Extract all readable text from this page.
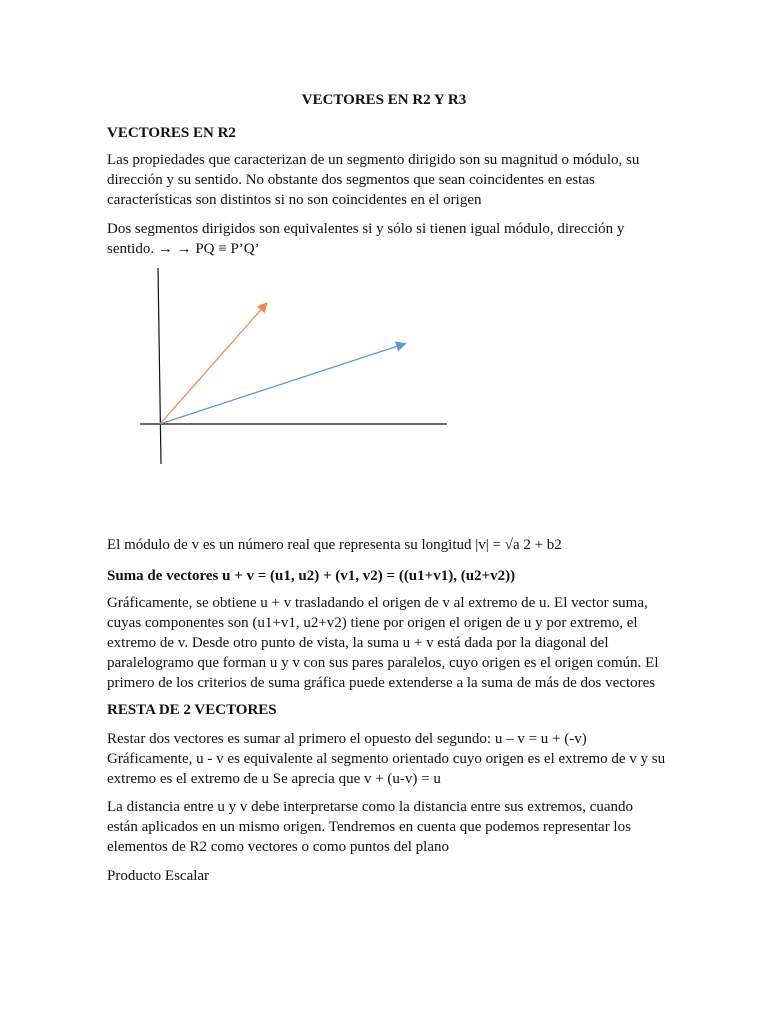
VECTORES EN R2 Y R3

VECTORES EN R2

Las propiedades que caracterizan de un segmento dirigido son su magnitud o módulo, su dirección y su sentido. No obstante dos segmentos que sean coincidentes en estas características son distintos si no son coincidentes en el origen

Dos segmentos dirigidos son equivalentes si y sólo si tienen igual módulo, dirección y sentido. → → PQ ≡ P’Q’

El módulo de v es un número real que representa su longitud |v| = √a 2 + b2

Suma de vectores u + v = (u1, u2) + (v1, v2) = ((u1+v1), (u2+v2))

Gráficamente, se obtiene u + v trasladando el origen de v al extremo de u. El vector suma, cuyas componentes son (u1+v1, u2+v2) tiene por origen el origen de u y por extremo, el extremo de v. Desde otro punto de vista, la suma u + v está dada por la diagonal del paralelogramo que forman u y v con sus pares paralelos, cuyo origen es el origen común. El primero de los criterios de suma gráfica puede extenderse a la suma de más de dos vectores

RESTA DE 2 VECTORES

Restar dos vectores es sumar al primero el opuesto del segundo: u – v = u + (-v) Gráficamente, u - v es equivalente al segmento orientado cuyo origen es el extremo de v y su extremo es el extremo de u Se aprecia que v + (u-v) = u

La distancia entre u y v debe interpretarse como la distancia entre sus extremos, cuando están aplicados en un mismo origen. Tendremos en cuenta que podemos representar los elementos de R2 como vectores o como puntos del plano

Producto Escalar
